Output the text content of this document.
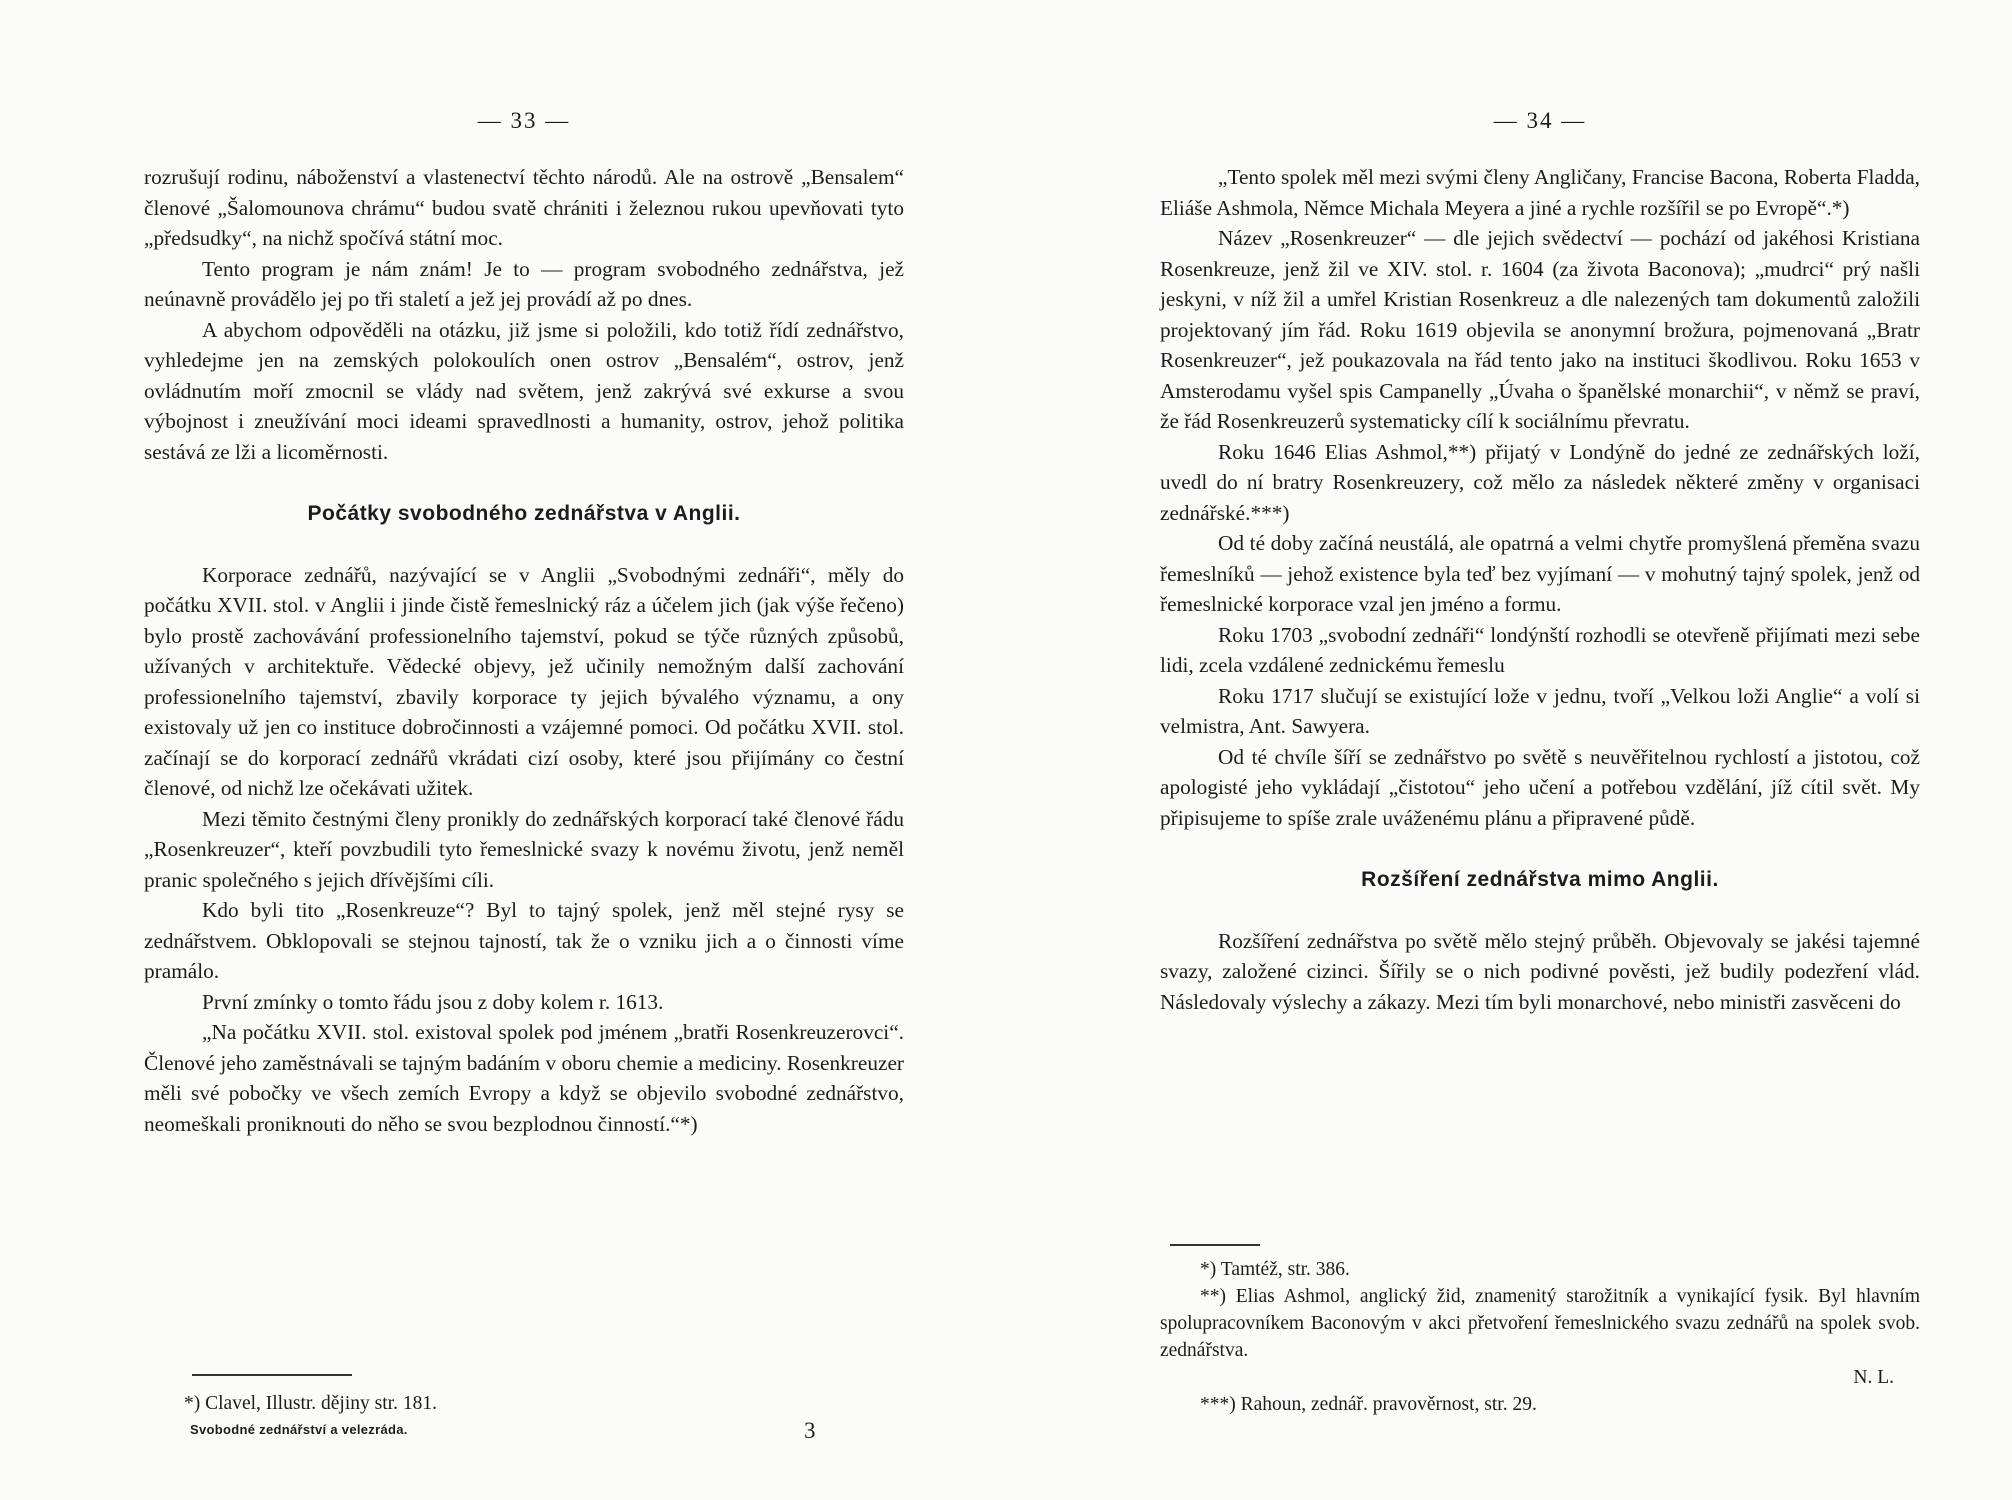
— 33 —

rozrušují rodinu, náboženství a vlastenectví těchto národů. Ale na ostrově „Bensalem“ členové „Šalomounova chrámu“ budou svatě chrániti i železnou rukou upevňovati tyto „předsudky“, na nichž spočívá státní moc.

Tento program je nám znám! Je to — program svobodného zednářstva, jež neúnavně provádělo jej po tři staletí a jež jej provádí až po dnes.

A abychom odpověděli na otázku, již jsme si položili, kdo totiž řídí zednářstvo, vyhledejme jen na zemských polokoulích onen ostrov „Bensalém“, ostrov, jenž ovládnutím moří zmocnil se vlády nad světem, jenž zakrývá své exkurse a svou výbojnost i zneužívání moci ideami spravedlnosti a humanity, ostrov, jehož politika sestává ze lži a licoměrnosti.

Počátky svobodného zednářstva v Anglii.

Korporace zednářů, nazývající se v Anglii „Svobodnými zednáři“, měly do počátku XVII. stol. v Anglii i jinde čistě řemeslnický ráz a účelem jich (jak výše řečeno) bylo prostě zachovávání professionelního tajemství, pokud se týče různých způsobů, užívaných v architektuře. Vědecké objevy, jež učinily nemožným další zachování professionelního tajemství, zbavily korporace ty jejich bývalého významu, a ony existovaly už jen co instituce dobročinnosti a vzájemné pomoci. Od počátku XVII. stol. začínají se do korporací zednářů vkrádati cizí osoby, které jsou přijímány co čestní členové, od nichž lze očekávati užitek.

Mezi těmito čestnými členy pronikly do zednářských korporací také členové řádu „Rosenkreuzer“, kteří povzbudili tyto řemeslnické svazy k novému životu, jenž neměl pranic společného s jejich dřívějšími cíli.

Kdo byli tito „Rosenkreuze“? Byl to tajný spolek, jenž měl stejné rysy se zednářstvem. Obklopovali se stejnou tajností, tak že o vzniku jich a o činnosti víme pramálo.

První zmínky o tomto řádu jsou z doby kolem r. 1613.

„Na počátku XVII. stol. existoval spolek pod jménem „bratři Rosenkreuzerovci“. Členové jeho zaměstnávali se tajným badáním v oboru chemie a mediciny. Rosenkreuzer měli své pobočky ve všech zemích Evropy a když se objevilo svobodné zednářstvo, neomeškali proniknouti do něho se svou bezplodnou činností.“*)

*) Clavel, Illustr. dějiny str. 181.

Svobodné zednářství a velezráda.	3
— 34 —

„Tento spolek měl mezi svými členy Angličany, Francise Bacona, Roberta Fladda, Eliáše Ashmola, Němce Michala Meyera a jiné a rychle rozšířil se po Evropě“.*)

Název „Rosenkreuzer“ — dle jejich svědectví — pochází od jakéhosi Kristiana Rosenkreuze, jenž žil ve XIV. stol. r. 1604 (za života Baconova); „mudrci“ prý našli jeskyni, v níž žil a umřel Kristian Rosenkreuz a dle nalezených tam dokumentů založili projektovaný jím řád. Roku 1619 objevila se anonymní brožura, pojmenovaná „Bratr Rosenkreuzer“, jež poukazovala na řád tento jako na instituci škodlivou. Roku 1653 v Amsterodamu vyšel spis Campanelly „Úvaha o španělské monarchii“, v němž se praví, že řád Rosenkreuzerů systematicky cílí k sociálnímu převratu.

Roku 1646 Elias Ashmol,**) přijatý v Londýně do jedné ze zednářských loží, uvedl do ní bratry Rosenkreuzery, což mělo za následek některé změny v organisaci zednářské.***)

Od té doby začíná neustálá, ale opatrná a velmi chytře promyšlená přeměna svazu řemeslníků — jehož existence byla teď bez vyjímaní — v mohutný tajný spolek, jenž od řemeslnické korporace vzal jen jméno a formu.

Roku 1703 „svobodní zednáři“ londýnští rozhodli se otevřeně přijímati mezi sebe lidi, zcela vzdálené zednickému řemeslu

Roku 1717 slučují se existující lože v jednu, tvoří „Velkou loži Anglie“ a volí si velmistra, Ant. Sawyera.

Od té chvíle šíří se zednářstvo po světě s neuvěřitelnou rychlostí a jistotou, což apologisté jeho vykládají „čistotou“ jeho učení a potřebou vzdělání, jíž cítil svět. My připisujeme to spíše zrale uváženému plánu a připravené půdě.

Rozšíření zednářstva mimo Anglii.

Rozšíření zednářstva po světě mělo stejný průběh. Objevovaly se jakési tajemné svazy, založené cizinci. Šířily se o nich podivné pověsti, jež budily podezření vlád. Následovaly výslechy a zákazy. Mezi tím byli monarchové, nebo ministři zasvěceni do

*) Tamtéž, str. 386.

**) Elias Ashmol, anglický žid, znamenitý starožitník a vynikající fysik. Byl hlavním spolupracovníkem Baconovým v akci přetvoření řemeslnického svazu zednářů na spolek svob. zednářstva.

N. L.

***) Rahoun, zednář. pravověrnost, str. 29.
